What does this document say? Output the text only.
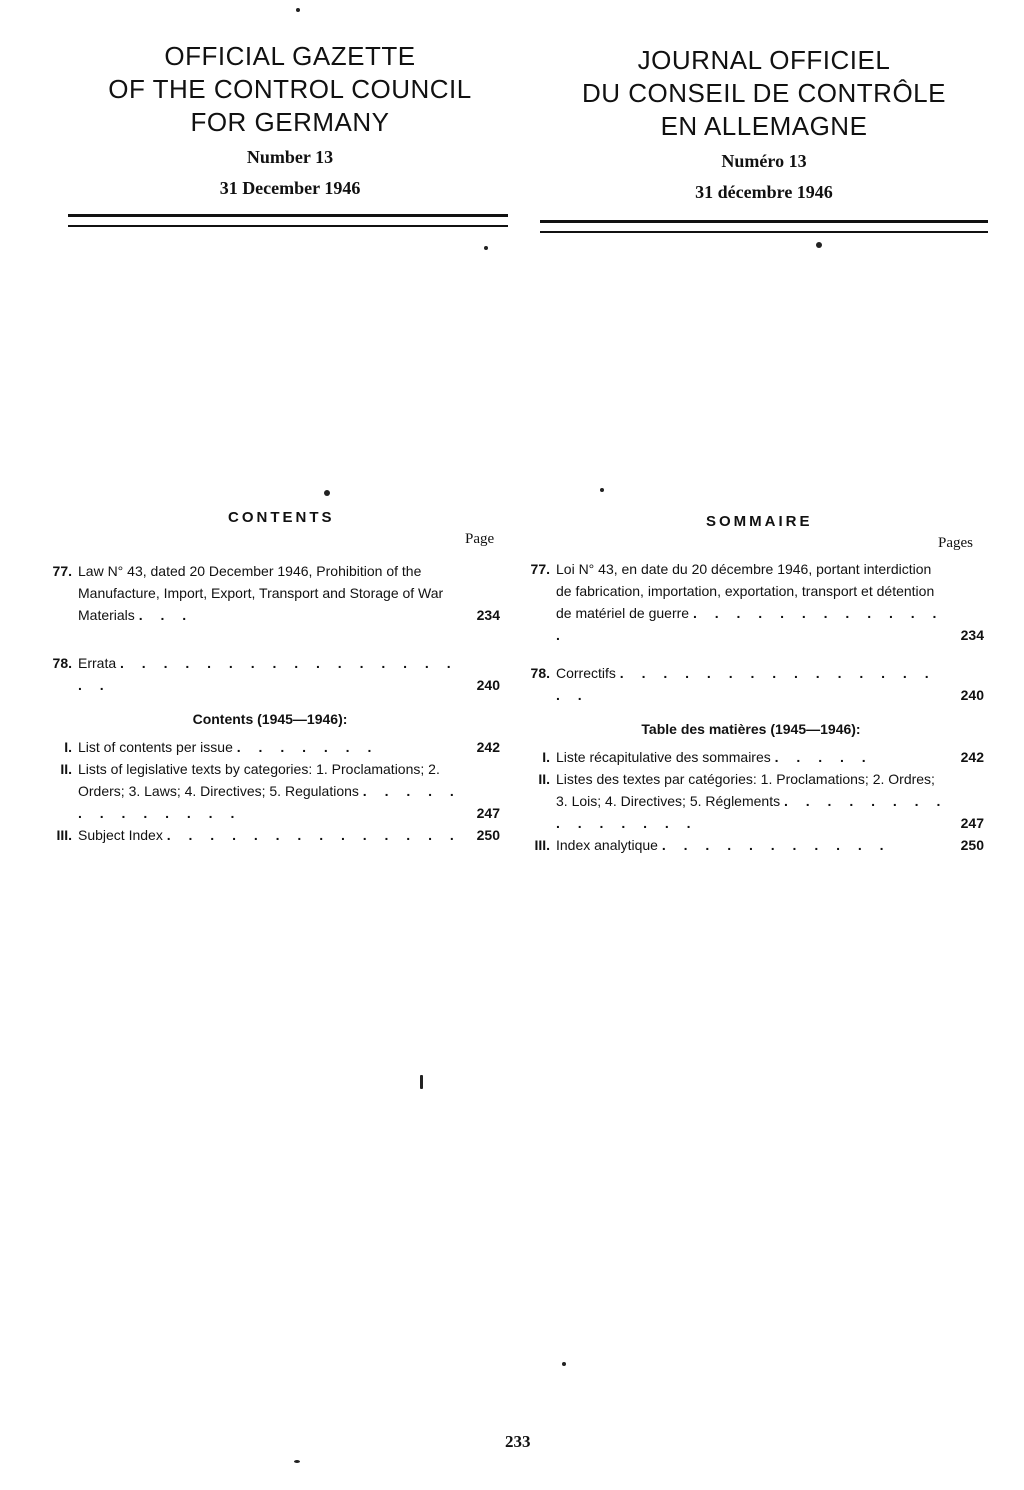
OFFICIAL GAZETTE
OF THE CONTROL COUNCIL
FOR GERMANY
Number 13
31 December 1946
JOURNAL OFFICIEL
DU CONSEIL DE CONTRÔLE
EN ALLEMAGNE
Numéro 13
31 décembre 1946
CONTENTS
Page
77. Law N° 43, dated 20 December 1946, Prohibition of the Manufacture, Import, Export, Transport and Storage of War Materials . . .	234
78. Errata . . . . . . . . . . . . . . . . . .	240
Contents (1945—1946):
I. List of contents per issue . . . . . . .	242
II. Lists of legislative texts by categories: 1. Proclamations; 2. Orders; 3. Laws; 4. Directives; 5. Regulations . . . . . . . . . . . . .	247
III. Subject Index . . . . . . . . . . . . . .	250
SOMMAIRE
Pages
77. Loi N° 43, en date du 20 décembre 1946, portant interdiction de fabrication, importation, exportation, transport et détention de matériel de guerre . . . . . . . . . . . . .	234
78. Correctifs . . . . . . . . . . . . . . . . .	240
Table des matières (1945—1946):
I. Liste récapitulative des sommaires . . . . .	242
II. Listes des textes par catégories: 1. Proclamations; 2. Ordres; 3. Lois; 4. Directives; 5. Réglements . . . . . . . . . . . . . . .	247
III. Index analytique . . . . . . . . . . .	250
233
